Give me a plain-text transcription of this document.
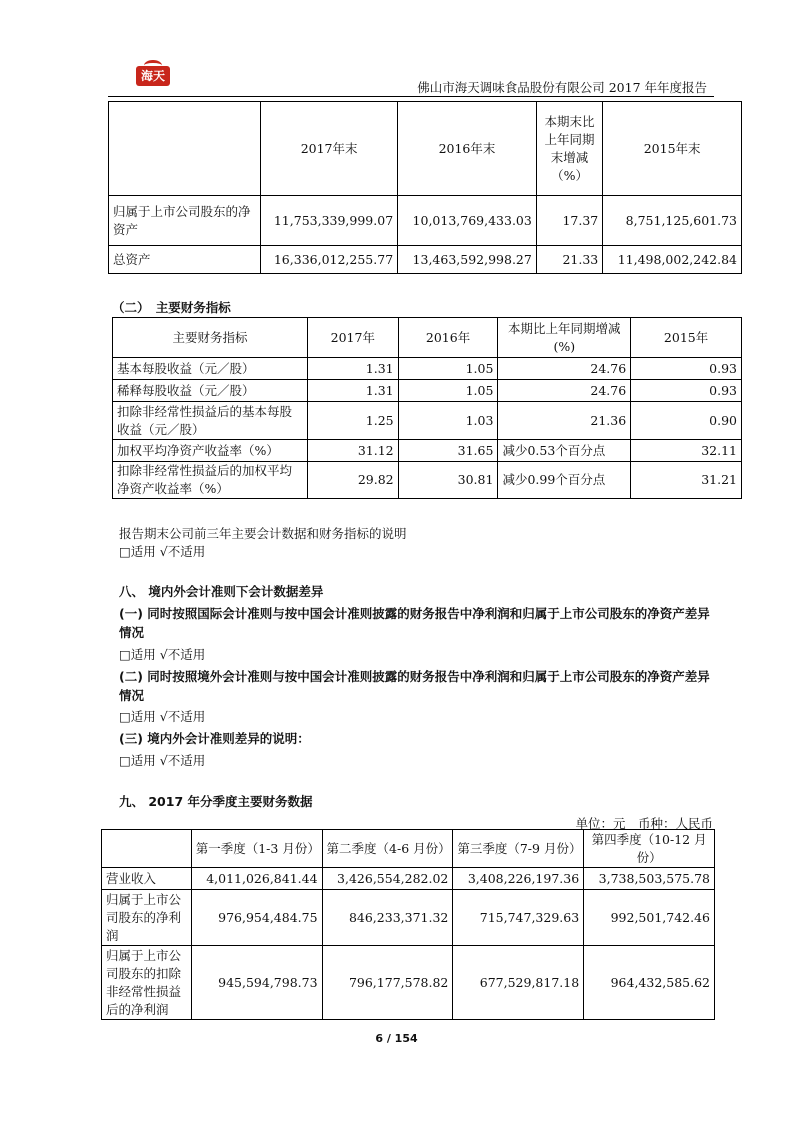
海天
佛山市海天调味食品股份有限公司 2017 年年度报告
	2017年末	2016年末	本期末比上年同期末增减（%）	2015年末
归属于上市公司股东的净资产	11,753,339,999.07	10,013,769,433.03	17.37	8,751,125,601.73
总资产	16,336,012,255.77	13,463,592,998.27	21.33	11,498,002,242.84
（二）　主要财务指标
主要财务指标	2017年	2016年	本期比上年同期增减(%)	2015年
基本每股收益（元／股）	1.31	1.05	24.76	0.93
稀释每股收益（元／股）	1.31	1.05	24.76	0.93
扣除非经常性损益后的基本每股收益（元／股）	1.25	1.03	21.36	0.90
加权平均净资产收益率（%）	31.12	31.65	减少0.53个百分点	32.11
扣除非经常性损益后的加权平均净资产收益率（%）	29.82	30.81	减少0.99个百分点	31.21
报告期末公司前三年主要会计数据和财务指标的说明
□适用 √不适用
八、 境内外会计准则下会计数据差异
(一) 同时按照国际会计准则与按中国会计准则披露的财务报告中净利润和归属于上市公司股东的净资产差异情况
□适用 √不适用
(二) 同时按照境外会计准则与按中国会计准则披露的财务报告中净利润和归属于上市公司股东的净资产差异情况
□适用 √不适用
(三) 境内外会计准则差异的说明：
□适用 √不适用
九、 2017 年分季度主要财务数据
单位：元　币种：人民币
	第一季度（1-3 月份）	第二季度（4-6 月份）	第三季度（7-9 月份）	第四季度（10-12 月份）
营业收入	4,011,026,841.44	3,426,554,282.02	3,408,226,197.36	3,738,503,575.78
归属于上市公司股东的净利润	976,954,484.75	846,233,371.32	715,747,329.63	992,501,742.46
归属于上市公司股东的扣除非经常性损益后的净利润	945,594,798.73	796,177,578.82	677,529,817.18	964,432,585.62
6 / 154
